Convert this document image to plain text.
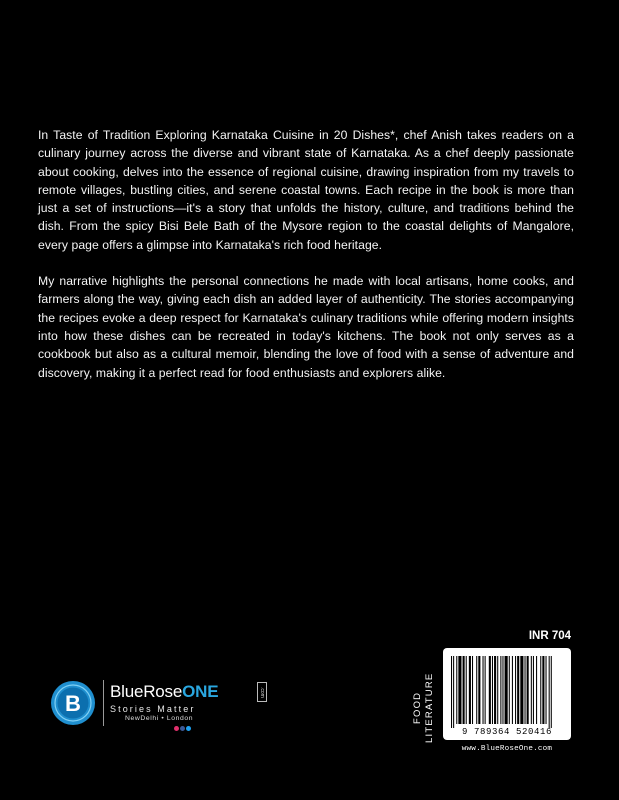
In Taste of Tradition Exploring Karnataka Cuisine in 20 Dishes*, chef Anish takes readers on a culinary journey across the diverse and vibrant state of Karnataka. As a chef deeply passionate about cooking, delves into the essence of regional cuisine, drawing inspiration from my travels to remote villages, bustling cities, and serene coastal towns. Each recipe in the book is more than just a set of instructions—it's a story that unfolds the history, culture, and traditions behind the dish. From the spicy Bisi Bele Bath of the Mysore region to the coastal delights of Mangalore, every page offers a glimpse into Karnataka's rich food heritage.

My narrative highlights the personal connections he made with local artisans, home cooks, and farmers along the way, giving each dish an added layer of authenticity. The stories accompanying the recipes evoke a deep respect for Karnataka's culinary traditions while offering modern insights into how these dishes can be recreated in today's kitchens. The book not only serves as a cookbook but also as a cultural memoir, blending the love of food with a sense of adventure and discovery, making it a perfect read for food enthusiasts and explorers alike.

B BlueRoseONE	.com
Stories Matter
NewDelhi • London	FOOD
LITERATURE
INR 704
9 789364 520416
www.BlueRoseOne.com
